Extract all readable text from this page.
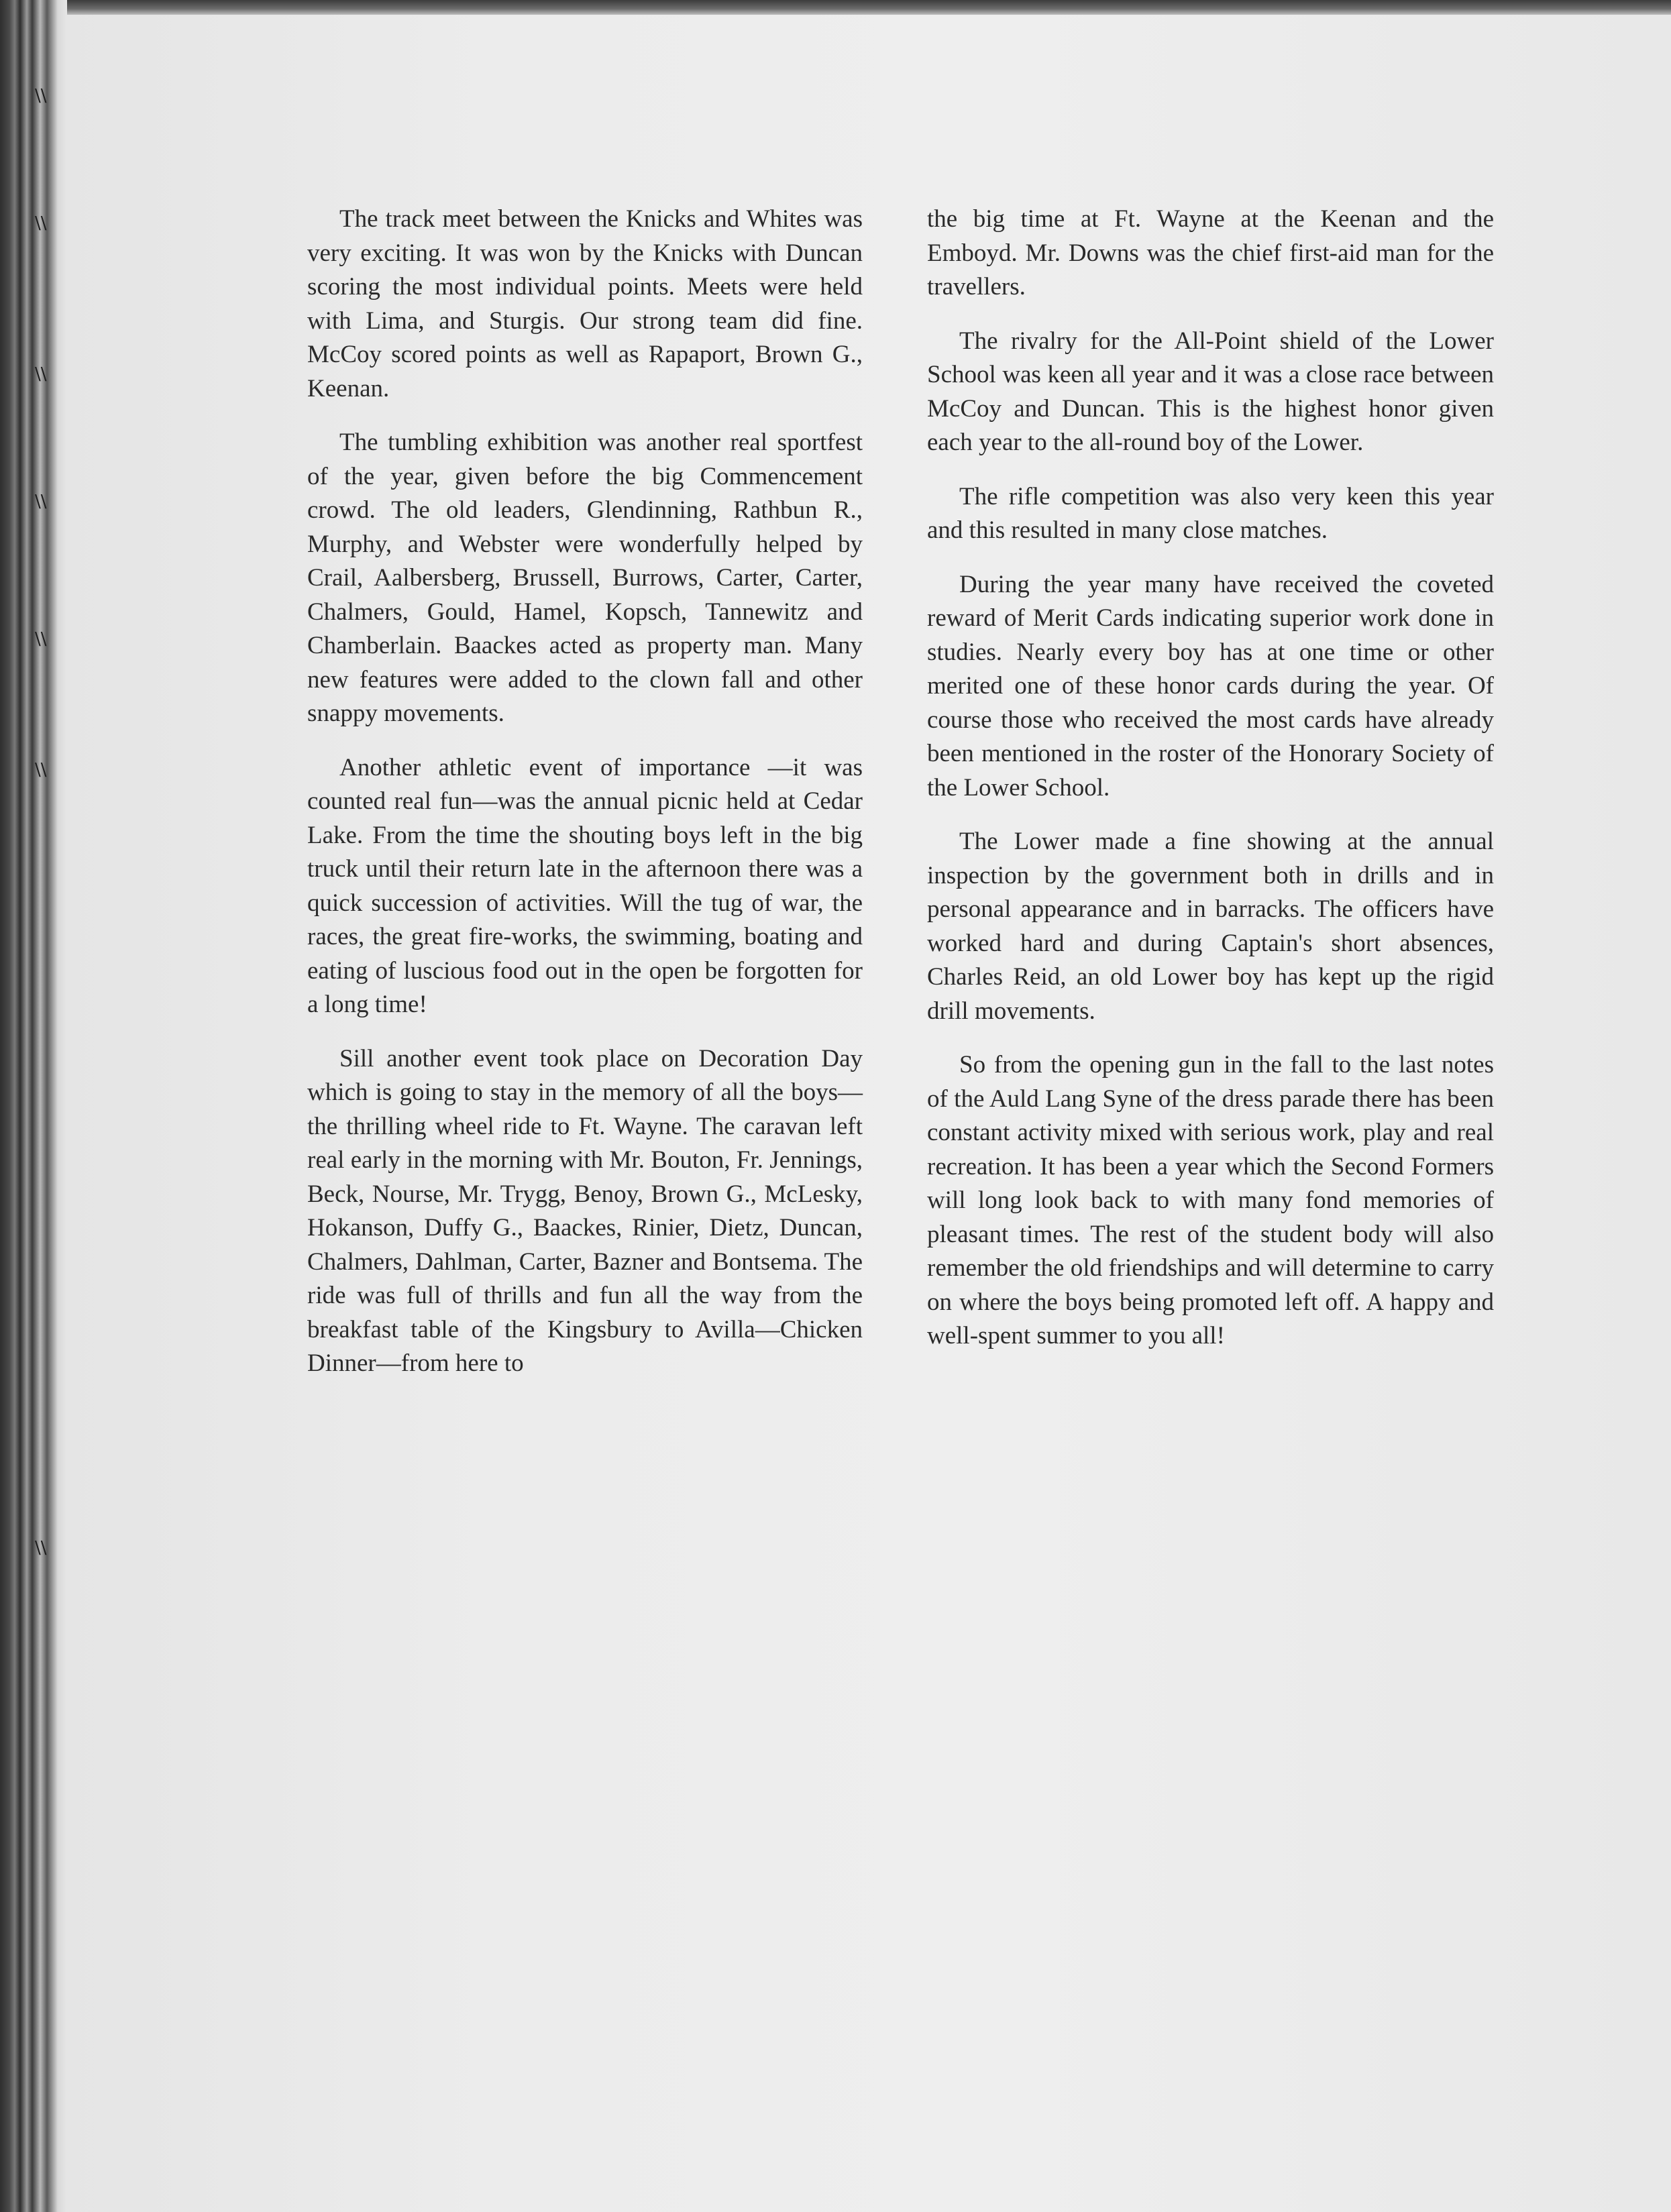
\\
\\
\\
\\
\\
\\
\\

The track meet between the Knicks and Whites was very exciting. It was won by the Knicks with Duncan scoring the most individual points. Meets were held with Lima, and Sturgis. Our strong team did fine. McCoy scored points as well as Rapaport, Brown G., Keenan.

The tumbling exhibition was another real sportfest of the year, given before the big Commencement crowd. The old leaders, Glendinning, Rathbun R., Murphy, and Webster were wonderfully helped by Crail, Aalbersberg, Brussell, Burrows, Carter, Carter, Chalmers, Gould, Hamel, Kopsch, Tannewitz and Chamberlain. Baackes acted as property man. Many new features were added to the clown fall and other snappy movements.

Another athletic event of importance —it was counted real fun—was the annual picnic held at Cedar Lake. From the time the shouting boys left in the big truck until their return late in the afternoon there was a quick succession of activities. Will the tug of war, the races, the great fire-works, the swimming, boating and eating of luscious food out in the open be forgotten for a long time!

Sill another event took place on Decoration Day which is going to stay in the memory of all the boys—the thrilling wheel ride to Ft. Wayne. The caravan left real early in the morning with Mr. Bouton, Fr. Jennings, Beck, Nourse, Mr. Trygg, Benoy, Brown G., McLesky, Hokanson, Duffy G., Baackes, Rinier, Dietz, Duncan, Chalmers, Dahlman, Carter, Bazner and Bontsema. The ride was full of thrills and fun all the way from the breakfast table of the Kingsbury to Avilla—Chicken Dinner—from here to

the big time at Ft. Wayne at the Keenan and the Emboyd. Mr. Downs was the chief first-aid man for the travellers.

The rivalry for the All-Point shield of the Lower School was keen all year and it was a close race between McCoy and Duncan. This is the highest honor given each year to the all-round boy of the Lower.

The rifle competition was also very keen this year and this resulted in many close matches.

During the year many have received the coveted reward of Merit Cards indicating superior work done in studies. Nearly every boy has at one time or other merited one of these honor cards during the year. Of course those who received the most cards have already been mentioned in the roster of the Honorary Society of the Lower School.

The Lower made a fine showing at the annual inspection by the government both in drills and in personal appearance and in barracks. The officers have worked hard and during Captain's short absences, Charles Reid, an old Lower boy has kept up the rigid drill movements.

So from the opening gun in the fall to the last notes of the Auld Lang Syne of the dress parade there has been constant activity mixed with serious work, play and real recreation. It has been a year which the Second Formers will long look back to with many fond memories of pleasant times. The rest of the student body will also remember the old friendships and will determine to carry on where the boys being promoted left off. A happy and well-spent summer to you all!
